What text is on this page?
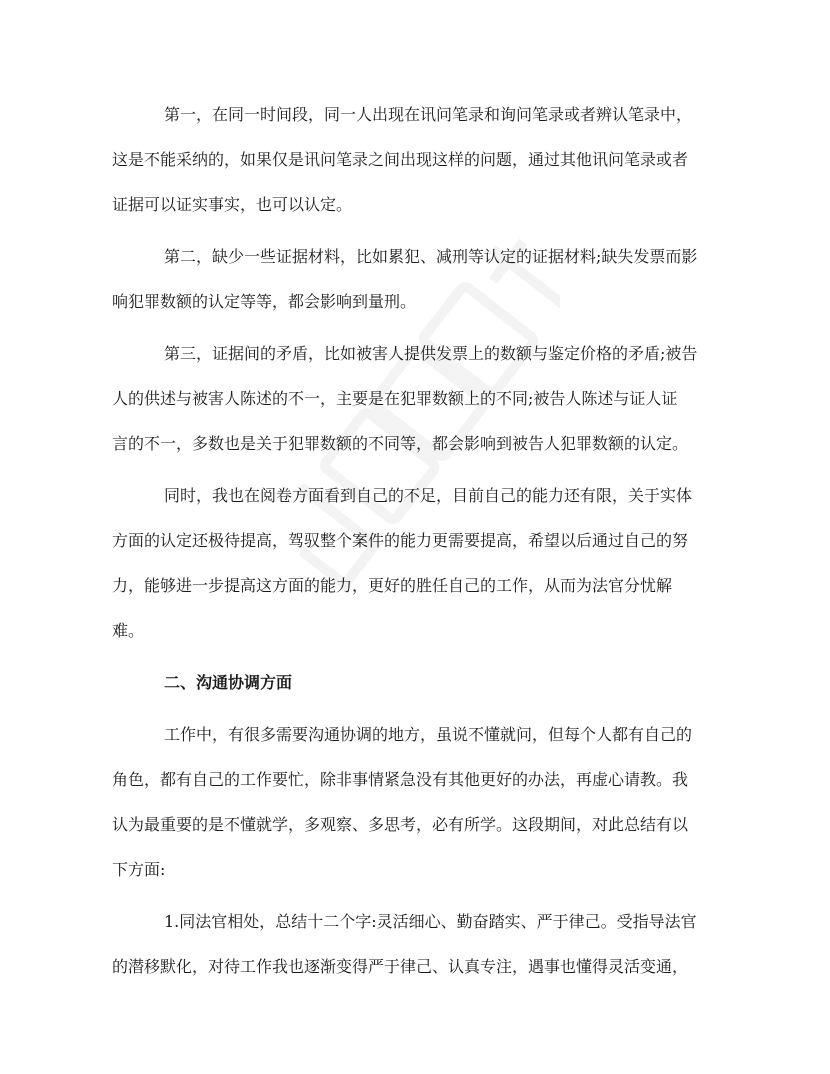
第一，在同一时间段，同一人出现在讯问笔录和询问笔录或者辨认笔录中，
这是不能采纳的，如果仅是讯问笔录之间出现这样的问题，通过其他讯问笔录或者
证据可以证实事实，也可以认定。
第二，缺少一些证据材料，比如累犯、减刑等认定的证据材料;缺失发票而影
响犯罪数额的认定等等，都会影响到量刑。
第三，证据间的矛盾，比如被害人提供发票上的数额与鉴定价格的矛盾;被告
人的供述与被害人陈述的不一，主要是在犯罪数额上的不同;被告人陈述与证人证
言的不一，多数也是关于犯罪数额的不同等，都会影响到被告人犯罪数额的认定。
同时，我也在阅卷方面看到自己的不足，目前自己的能力还有限，关于实体
方面的认定还极待提高，驾驭整个案件的能力更需要提高，希望以后通过自己的努
力，能够进一步提高这方面的能力，更好的胜任自己的工作，从而为法官分忧解
难。
二、沟通协调方面
工作中，有很多需要沟通协调的地方，虽说不懂就问，但每个人都有自己的
角色，都有自己的工作要忙，除非事情紧急没有其他更好的办法，再虚心请教。我
认为最重要的是不懂就学，多观察、多思考，必有所学。这段期间，对此总结有以
下方面:
1.同法官相处，总结十二个字:灵活细心、勤奋踏实、严于律己。受指导法官
的潜移默化，对待工作我也逐渐变得严于律己、认真专注，遇事也懂得灵活变通，
